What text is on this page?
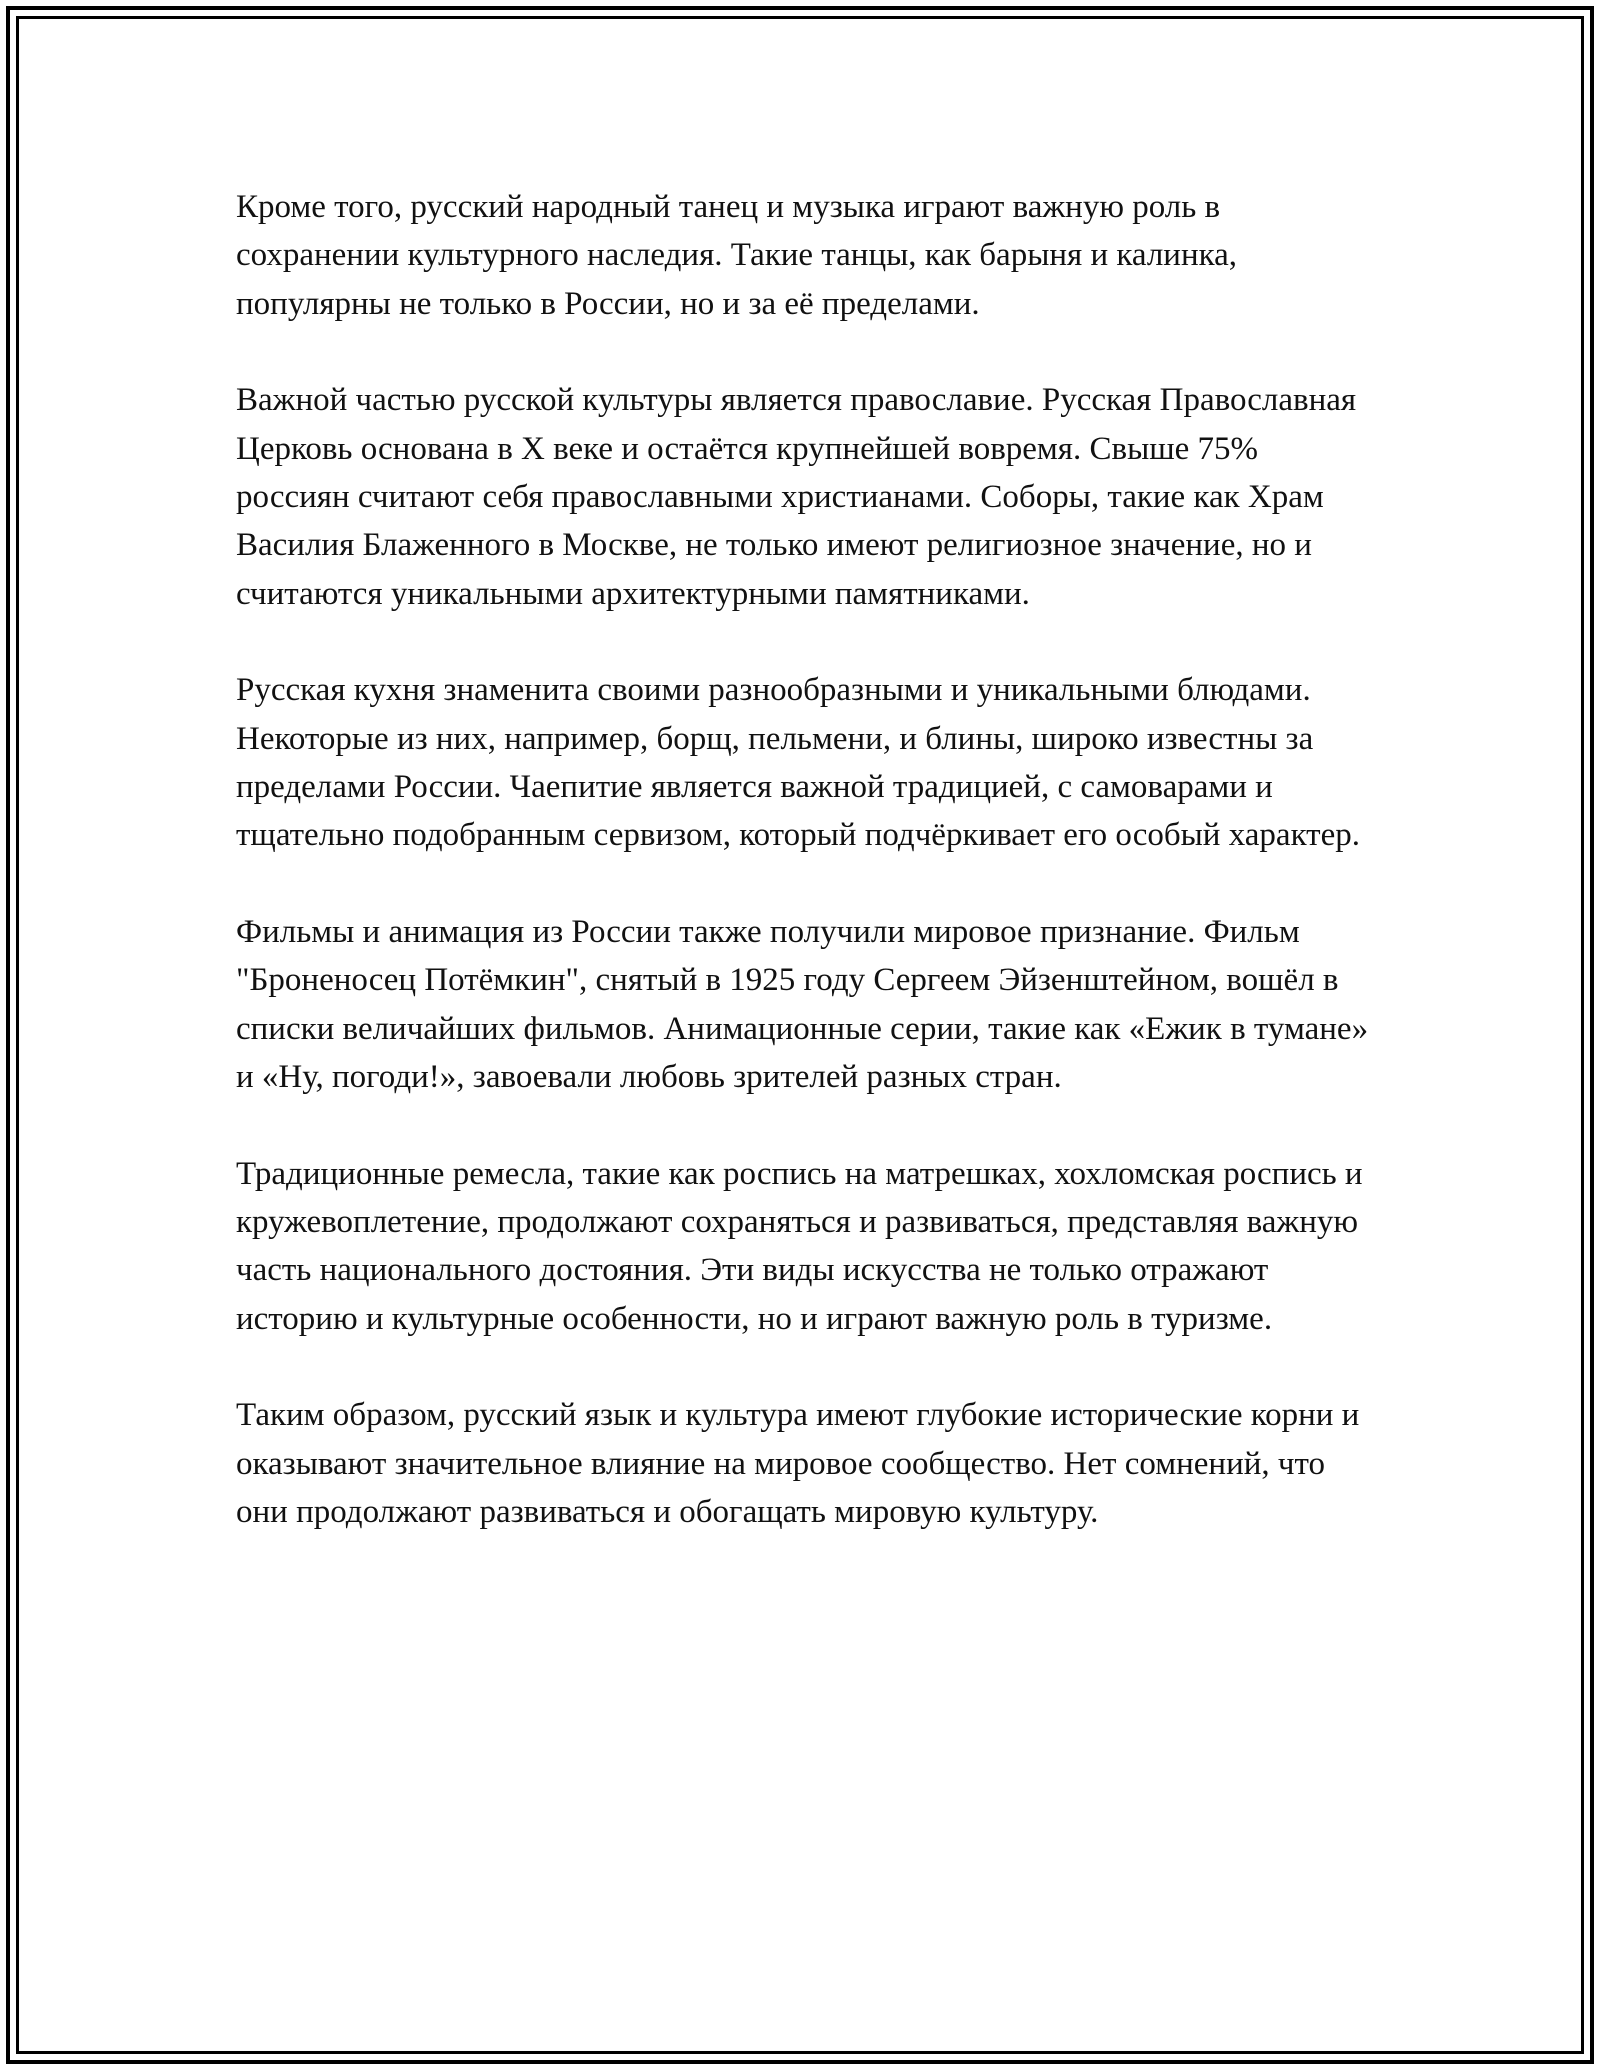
Кроме того, русский народный танец и музыка играют важную роль в сохранении культурного наследия. Такие танцы, как барыня и калинка, популярны не только в России, но и за её пределами.

Важной частью русской культуры является православие. Русская Православная Церковь основана в X веке и остаётся крупнейшей вовремя. Свыше 75% россиян считают себя православными христианами. Соборы, такие как Храм Василия Блаженного в Москве, не только имеют религиозное значение, но и считаются уникальными архитектурными памятниками.

Русская кухня знаменита своими разнообразными и уникальными блюдами. Некоторые из них, например, борщ, пельмени, и блины, широко известны за пределами России. Чаепитие является важной традицией, с самоварами и тщательно подобранным сервизом, который подчёркивает его особый характер.

Фильмы и анимация из России также получили мировое признание. Фильм "Броненосец Потёмкин", снятый в 1925 году Сергеем Эйзенштейном, вошёл в списки величайших фильмов. Анимационные серии, такие как «Ежик в тумане» и «Ну, погоди!», завоевали любовь зрителей разных стран.

Традиционные ремесла, такие как роспись на матрешках, хохломская роспись и кружевоплетение, продолжают сохраняться и развиваться, представляя важную часть национального достояния. Эти виды искусства не только отражают историю и культурные особенности, но и играют важную роль в туризме.

Таким образом, русский язык и культура имеют глубокие исторические корни и оказывают значительное влияние на мировое сообщество. Нет сомнений, что они продолжают развиваться и обогащать мировую культуру.
